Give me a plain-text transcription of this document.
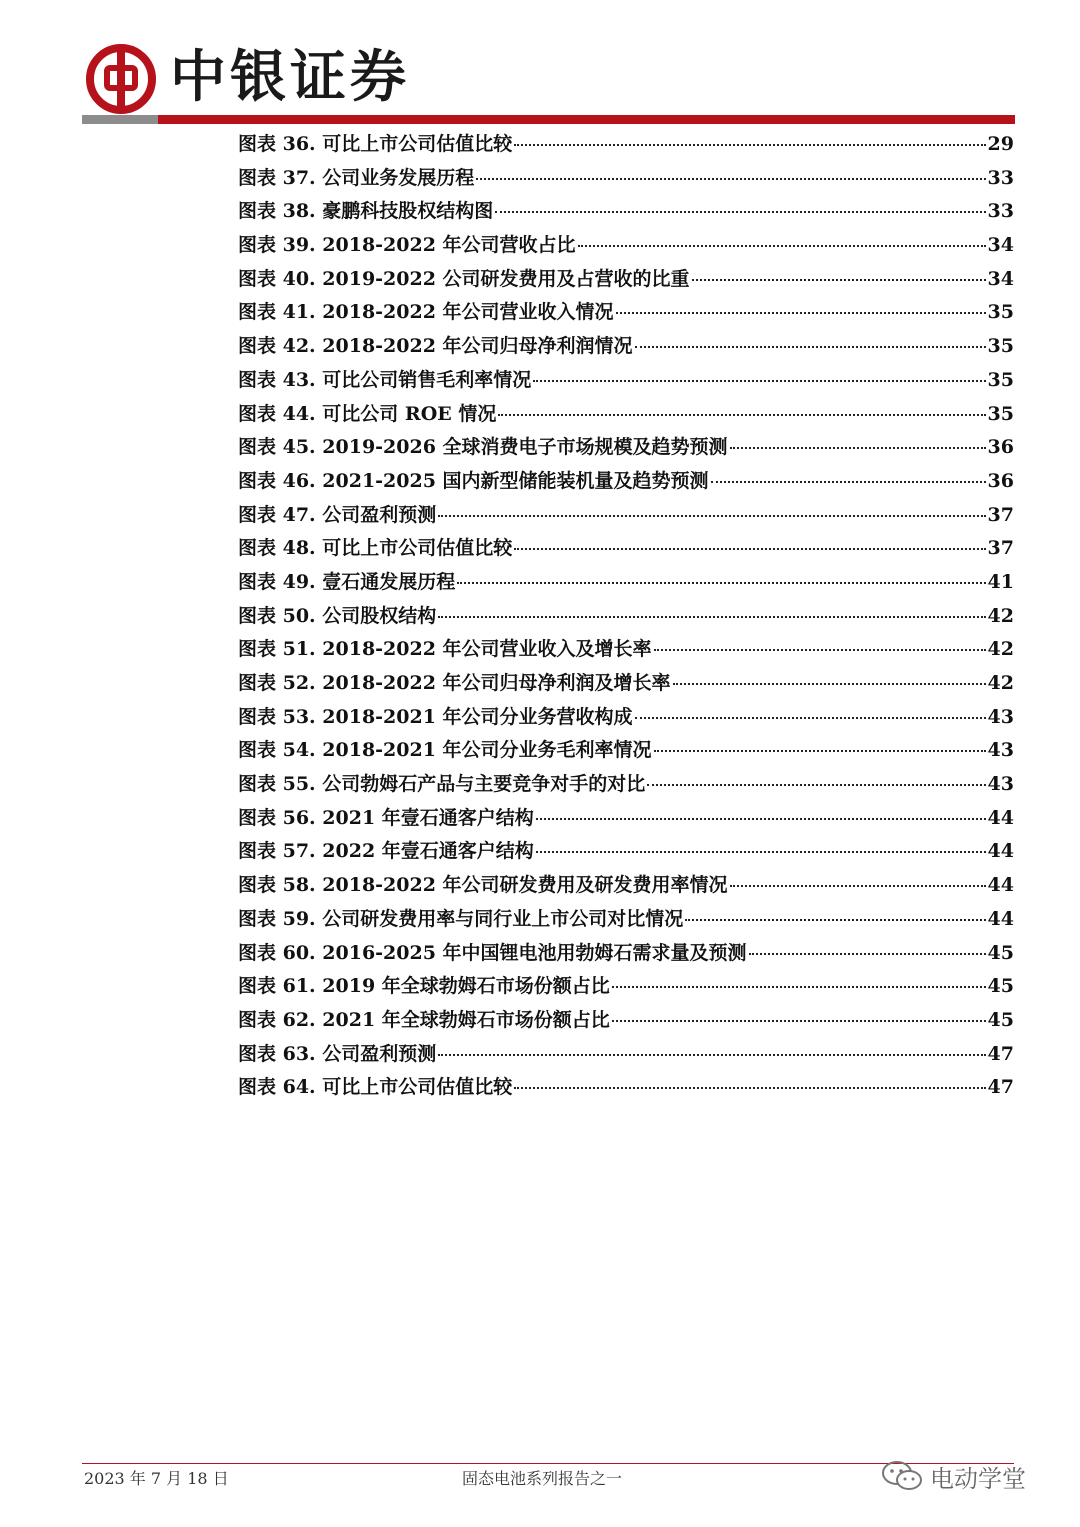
中银证券
图表 36. 可比上市公司估值比较	29
图表 37. 公司业务发展历程	33
图表 38. 豪鹏科技股权结构图	33
图表 39. 2018-2022 年公司营收占比	34
图表 40. 2019-2022 公司研发费用及占营收的比重	34
图表 41. 2018-2022 年公司营业收入情况	35
图表 42. 2018-2022 年公司归母净利润情况	35
图表 43. 可比公司销售毛利率情况	35
图表 44. 可比公司 ROE 情况	35
图表 45. 2019-2026 全球消费电子市场规模及趋势预测	36
图表 46. 2021-2025 国内新型储能装机量及趋势预测	36
图表 47. 公司盈利预测	37
图表 48. 可比上市公司估值比较	37
图表 49. 壹石通发展历程	41
图表 50. 公司股权结构	42
图表 51. 2018-2022 年公司营业收入及增长率	42
图表 52. 2018-2022 年公司归母净利润及增长率	42
图表 53. 2018-2021 年公司分业务营收构成	43
图表 54. 2018-2021 年公司分业务毛利率情况	43
图表 55. 公司勃姆石产品与主要竞争对手的对比	43
图表 56. 2021 年壹石通客户结构	44
图表 57. 2022 年壹石通客户结构	44
图表 58. 2018-2022 年公司研发费用及研发费用率情况	44
图表 59. 公司研发费用率与同行业上市公司对比情况	44
图表 60. 2016-2025 年中国锂电池用勃姆石需求量及预测	45
图表 61. 2019 年全球勃姆石市场份额占比	45
图表 62. 2021 年全球勃姆石市场份额占比	45
图表 63. 公司盈利预测	47
图表 64. 可比上市公司估值比较	47
2023 年 7 月 18 日	固态电池系列报告之一	电动学堂
